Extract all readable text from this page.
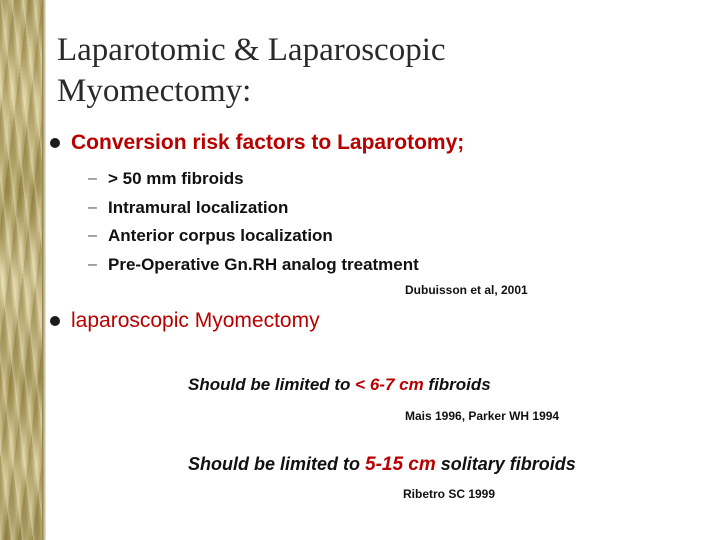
Laparotomic & Laparoscopic
Myomectomy:
Conversion risk factors to Laparotomy;
– > 50 mm fibroids
– Intramural localization
– Anterior corpus localization
– Pre-Operative Gn.RH analog treatment
Dubuisson et al, 2001
laparoscopic Myomectomy
Should be limited to < 6-7 cm fibroids
Mais 1996, Parker WH 1994
Should be limited to 5-15 cm solitary fibroids
Ribetro SC 1999
